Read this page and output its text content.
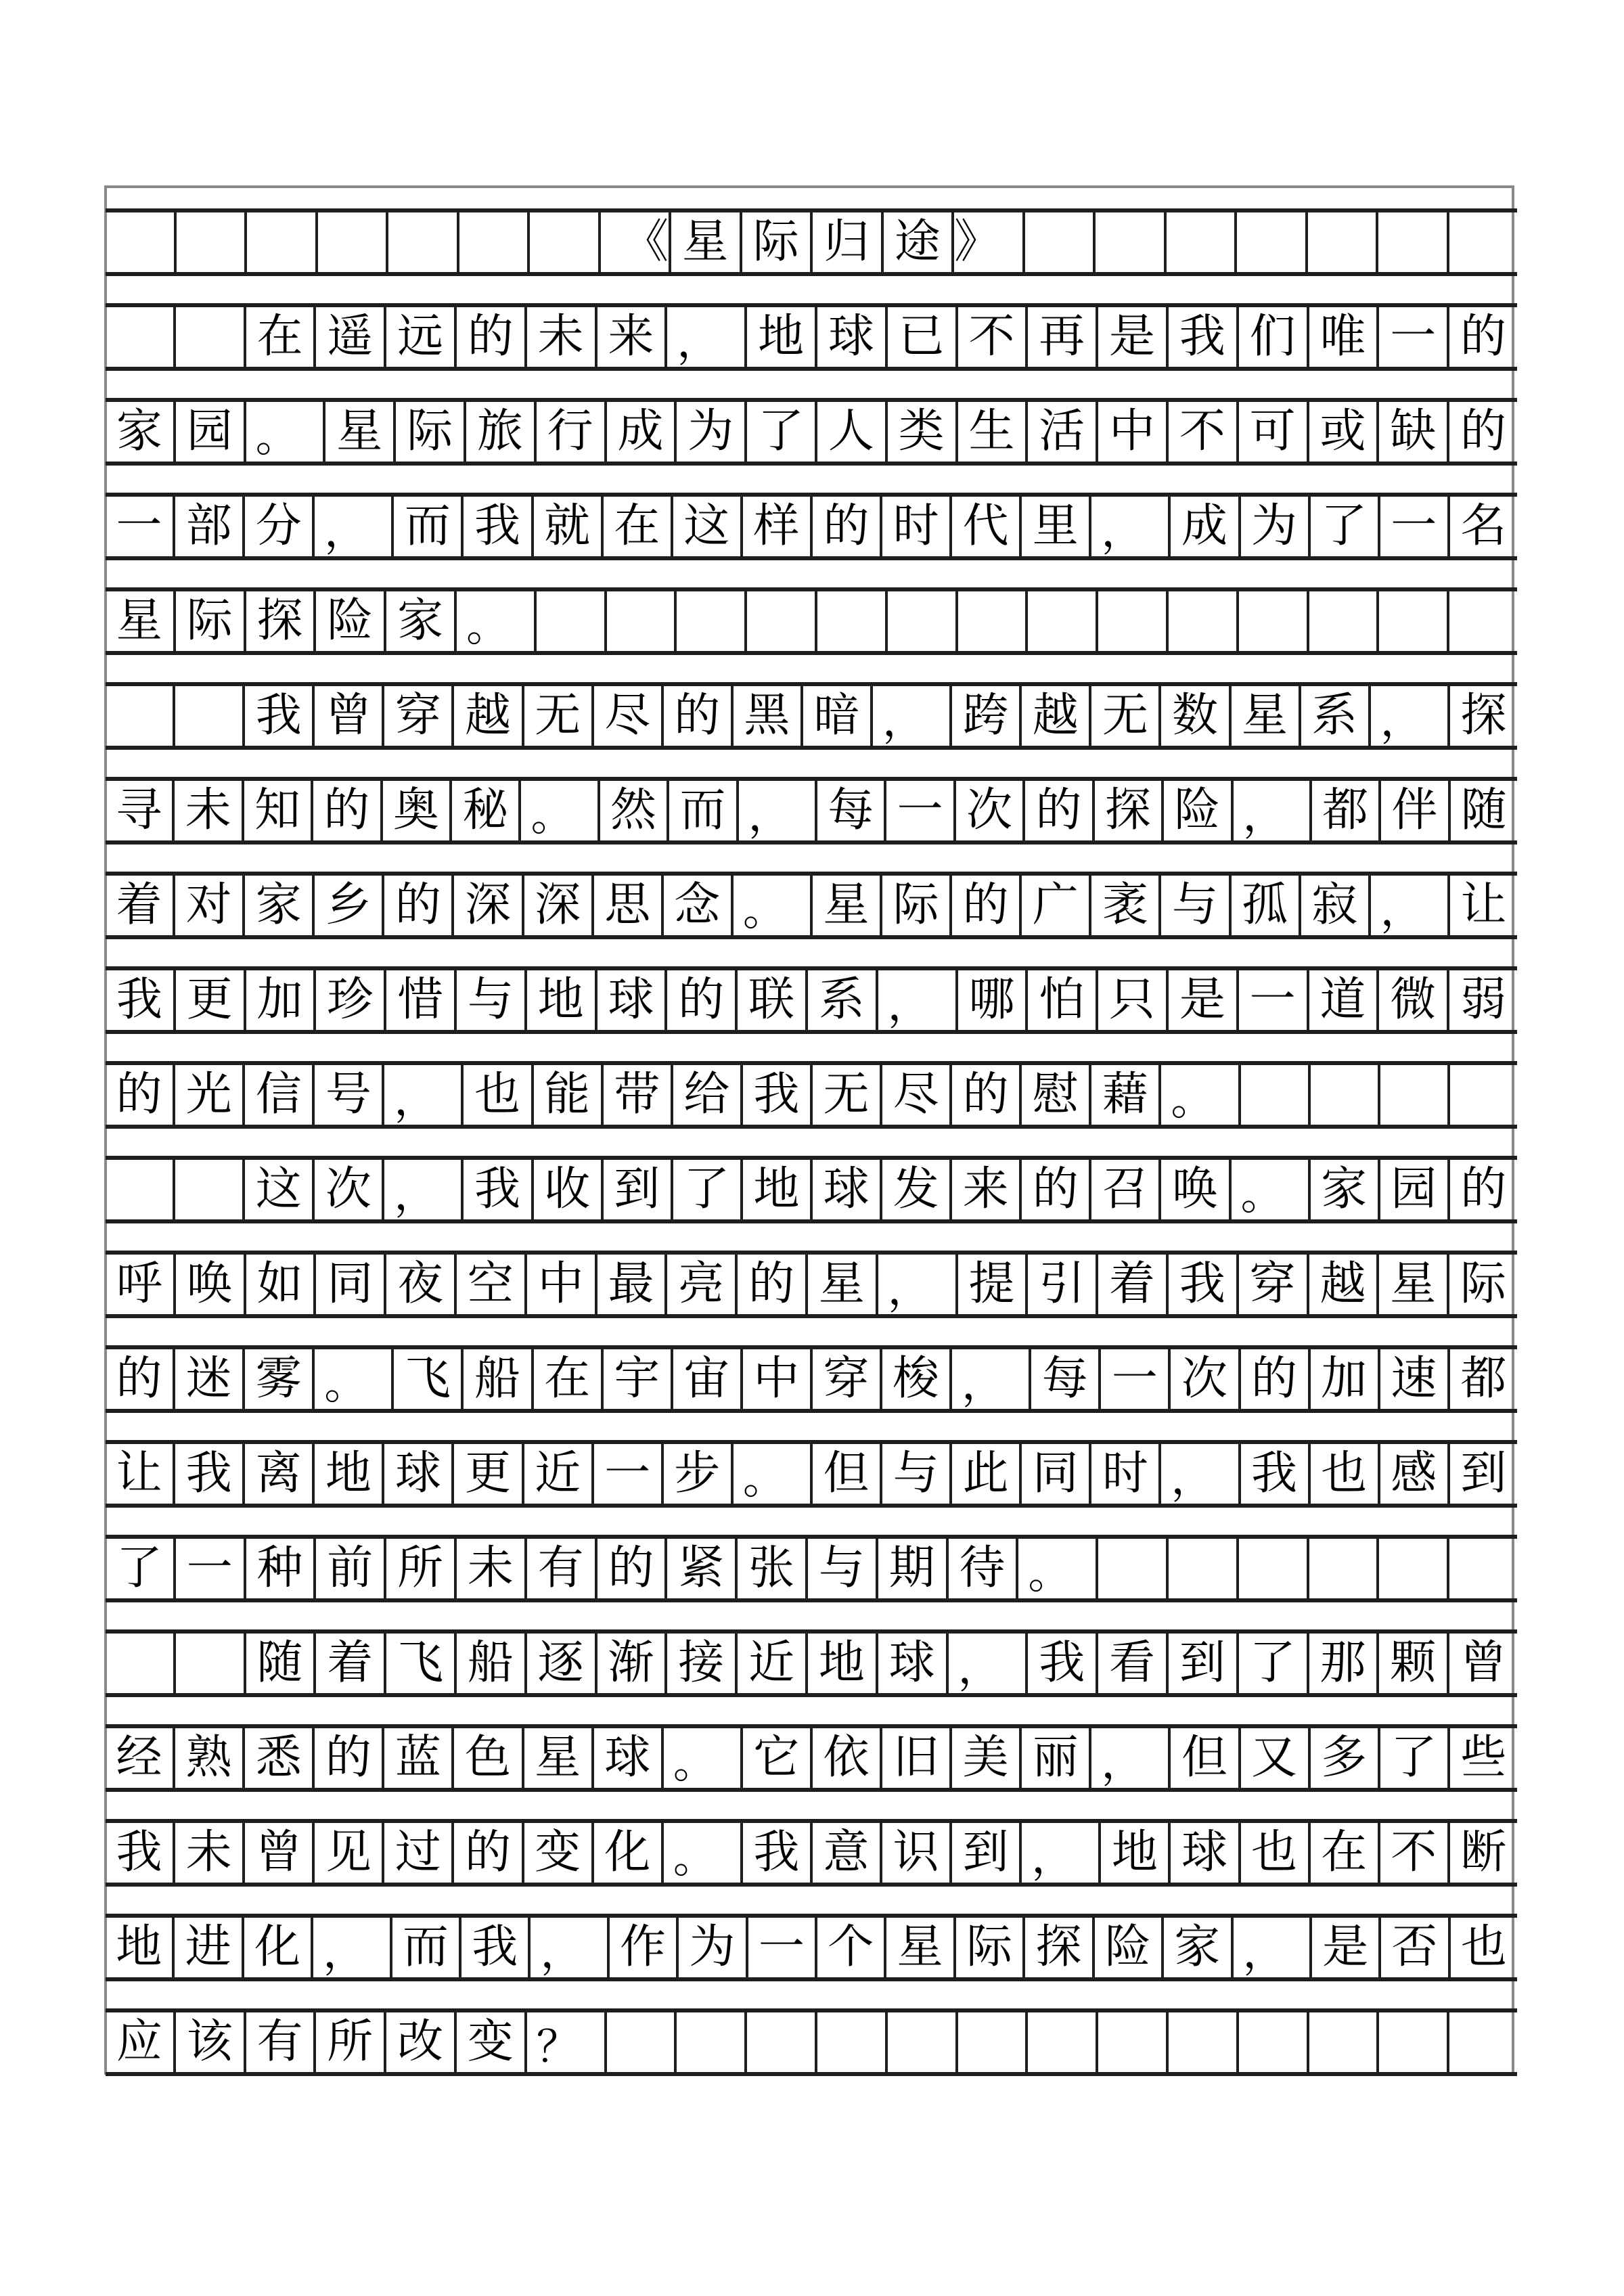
《 星 际 归 途 》
在 遥 远 的 未 来 ， 地 球 已 不 再 是 我 们 唯 一 的
家 园 。 星 际 旅 行 成 为 了 人 类 生 活 中 不 可 或 缺 的
一 部 分 ， 而 我 就 在 这 样 的 时 代 里 ， 成 为 了 一 名
星 际 探 险 家 。
我 曾 穿 越 无 尽 的 黑 暗 ， 跨 越 无 数 星 系 ， 探
寻 未 知 的 奥 秘 。 然 而 ， 每 一 次 的 探 险 ， 都 伴 随
着 对 家 乡 的 深 深 思 念 。 星 际 的 广 袤 与 孤 寂 ， 让
我 更 加 珍 惜 与 地 球 的 联 系 ， 哪 怕 只 是 一 道 微 弱
的 光 信 号 ， 也 能 带 给 我 无 尽 的 慰 藉 。
这 次 ， 我 收 到 了 地 球 发 来 的 召 唤 。 家 园 的
呼 唤 如 同 夜 空 中 最 亮 的 星 ， 提 引 着 我 穿 越 星 际
的 迷 雾 。 飞 船 在 宇 宙 中 穿 梭 ， 每 一 次 的 加 速 都
让 我 离 地 球 更 近 一 步 。 但 与 此 同 时 ， 我 也 感 到
了 一 种 前 所 未 有 的 紧 张 与 期 待 。
随 着 飞 船 逐 渐 接 近 地 球 ， 我 看 到 了 那 颗 曾
经 熟 悉 的 蓝 色 星 球 。 它 依 旧 美 丽 ， 但 又 多 了 些
我 未 曾 见 过 的 变 化 。 我 意 识 到 ， 地 球 也 在 不 断
地 进 化 ， 而 我 ， 作 为 一 个 星 际 探 险 家 ， 是 否 也
应 该 有 所 改 变 ？
